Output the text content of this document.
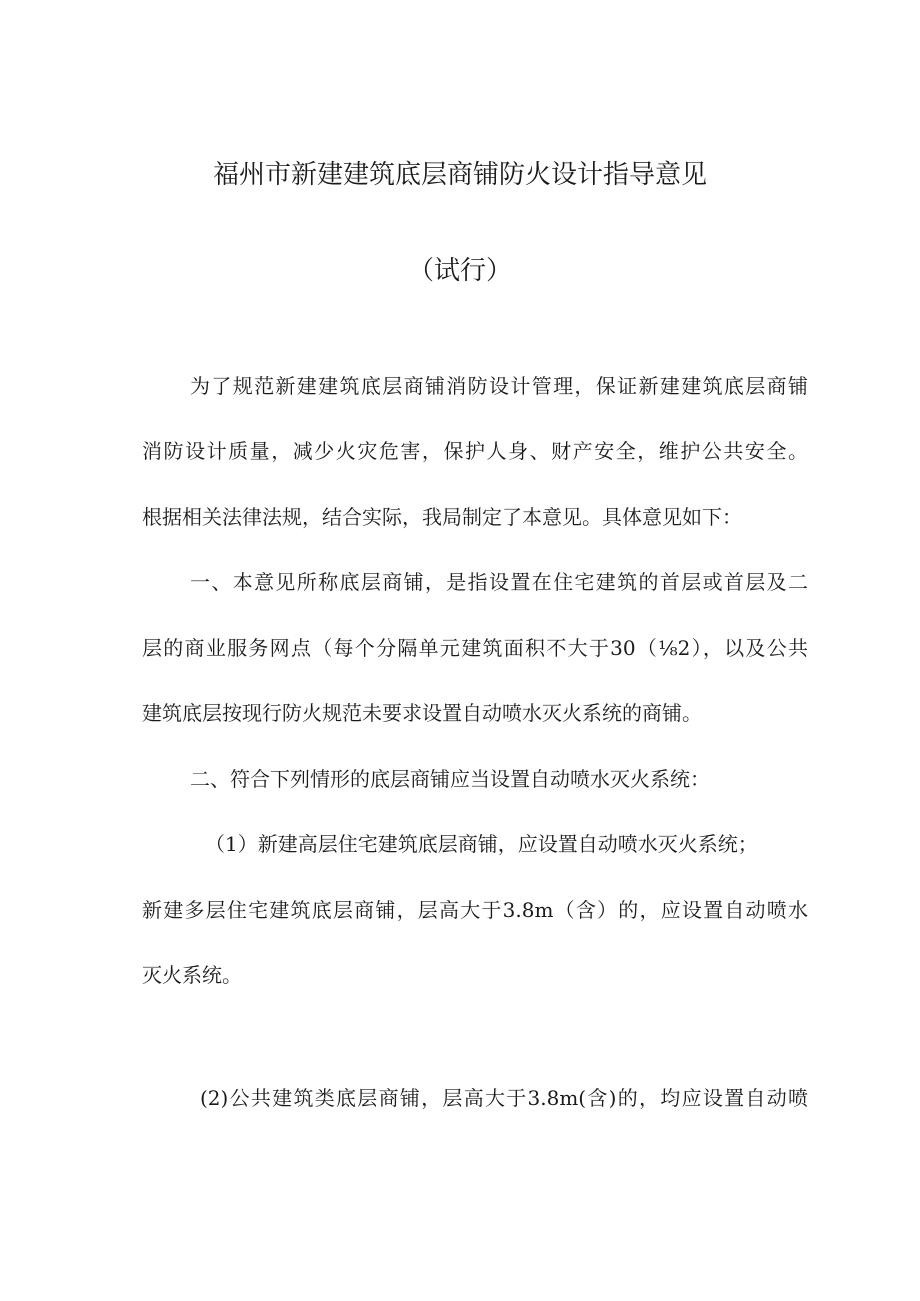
福州市新建建筑底层商铺防火设计指导意见
（试行）

为了规范新建建筑底层商铺消防设计管理，保证新建建筑底层商铺

消防设计质量，减少火灾危害，保护人身、财产安全，维护公共安全。

根据相关法律法规，结合实际，我局制定了本意见。具体意见如下：

一、本意见所称底层商铺，是指设置在住宅建筑的首层或首层及二

层的商业服务网点（每个分隔单元建筑面积不大于30（⅛2），以及公共

建筑底层按现行防火规范未要求设置自动喷水灭火系统的商铺。

二、符合下列情形的底层商铺应当设置自动喷水灭火系统：

（1）新建高层住宅建筑底层商铺，应设置自动喷水灭火系统；

新建多层住宅建筑底层商铺，层高大于3.8m（含）的，应设置自动喷水

灭火系统。

(2)公共建筑类底层商铺，层高大于3.8m(含)的，均应设置自动喷
